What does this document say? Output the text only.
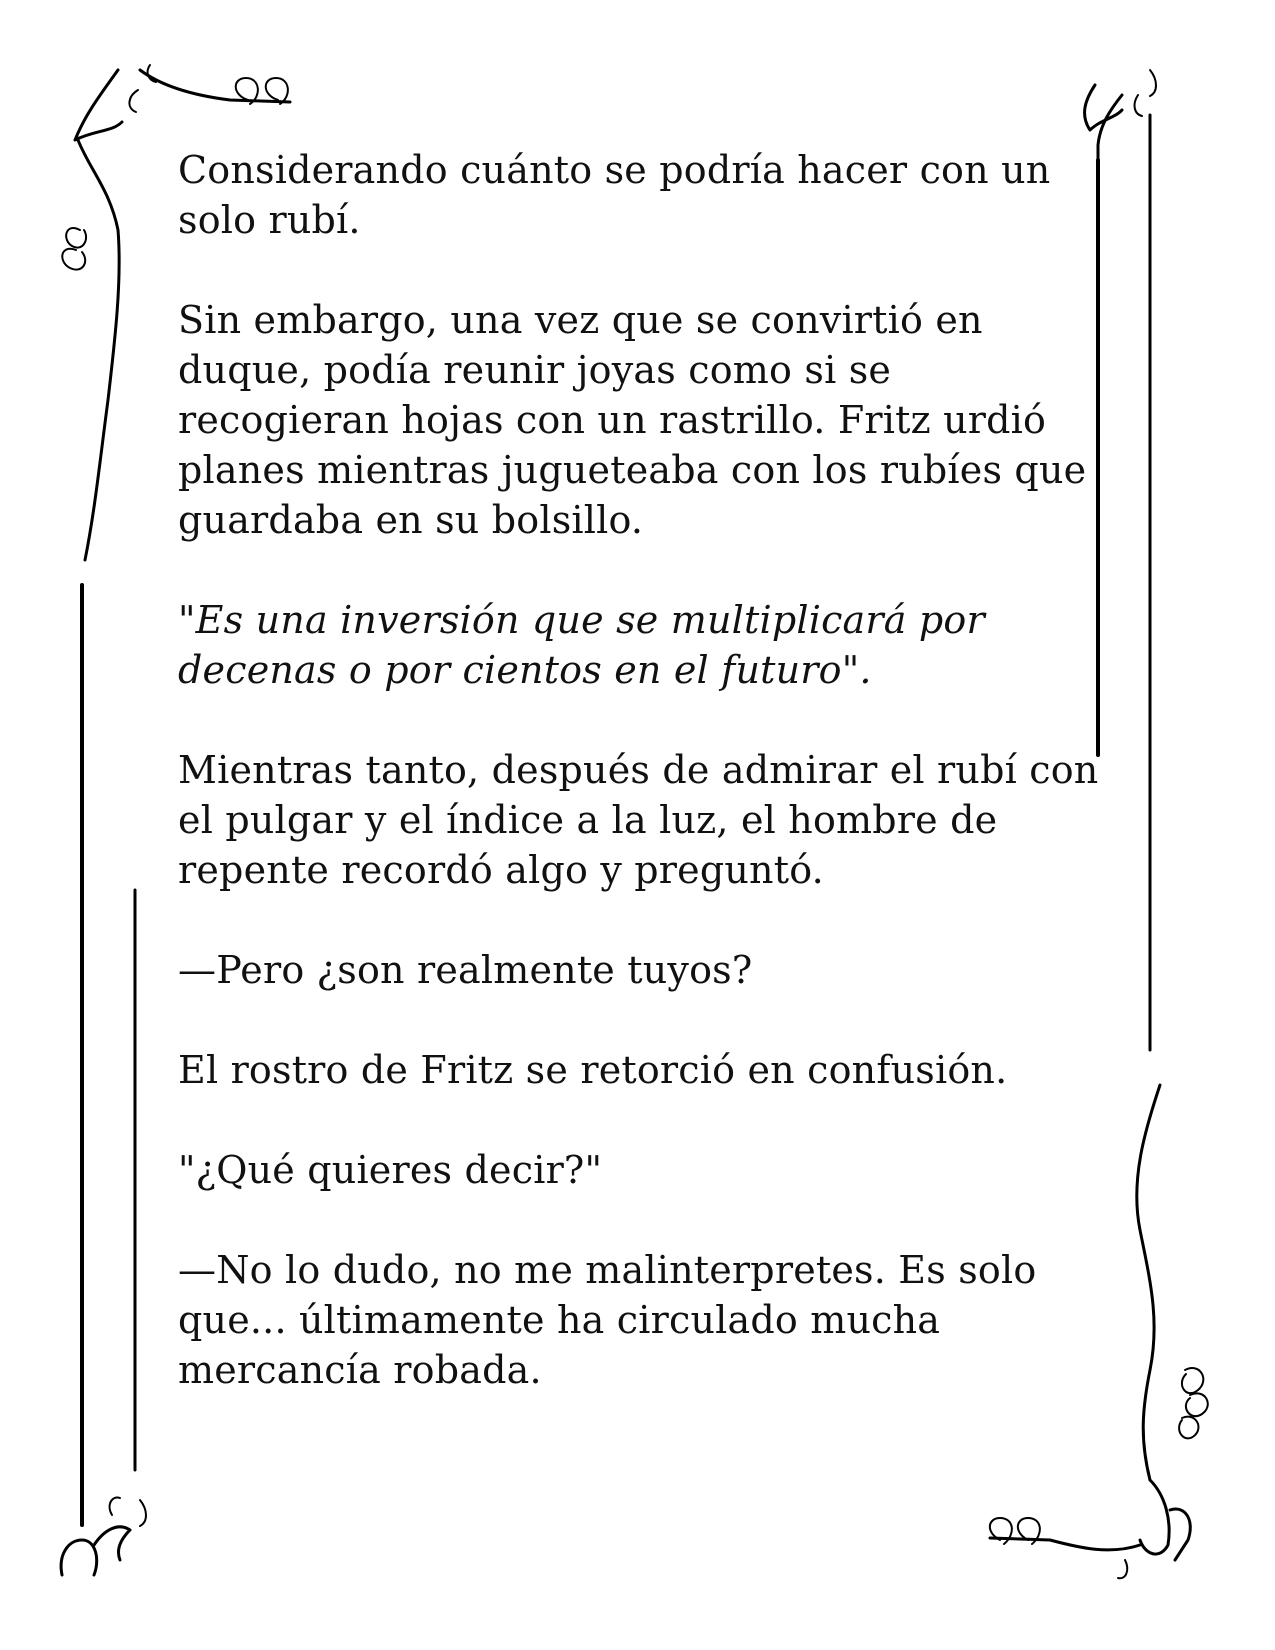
Considerando cuánto se podría hacer con un solo rubí.

Sin embargo, una vez que se convirtió en duque, podía reunir joyas como si se recogieran hojas con un rastrillo. Fritz urdió planes mientras jugueteaba con los rubíes que guardaba en su bolsillo.

"Es una inversión que se multiplicará por decenas o por cientos en el futuro".

Mientras tanto, después de admirar el rubí con el pulgar y el índice a la luz, el hombre de repente recordó algo y preguntó.

—Pero ¿son realmente tuyos?

El rostro de Fritz se retorció en confusión.

"¿Qué quieres decir?"

—No lo dudo, no me malinterpretes. Es solo que... últimamente ha circulado mucha mercancía robada.
